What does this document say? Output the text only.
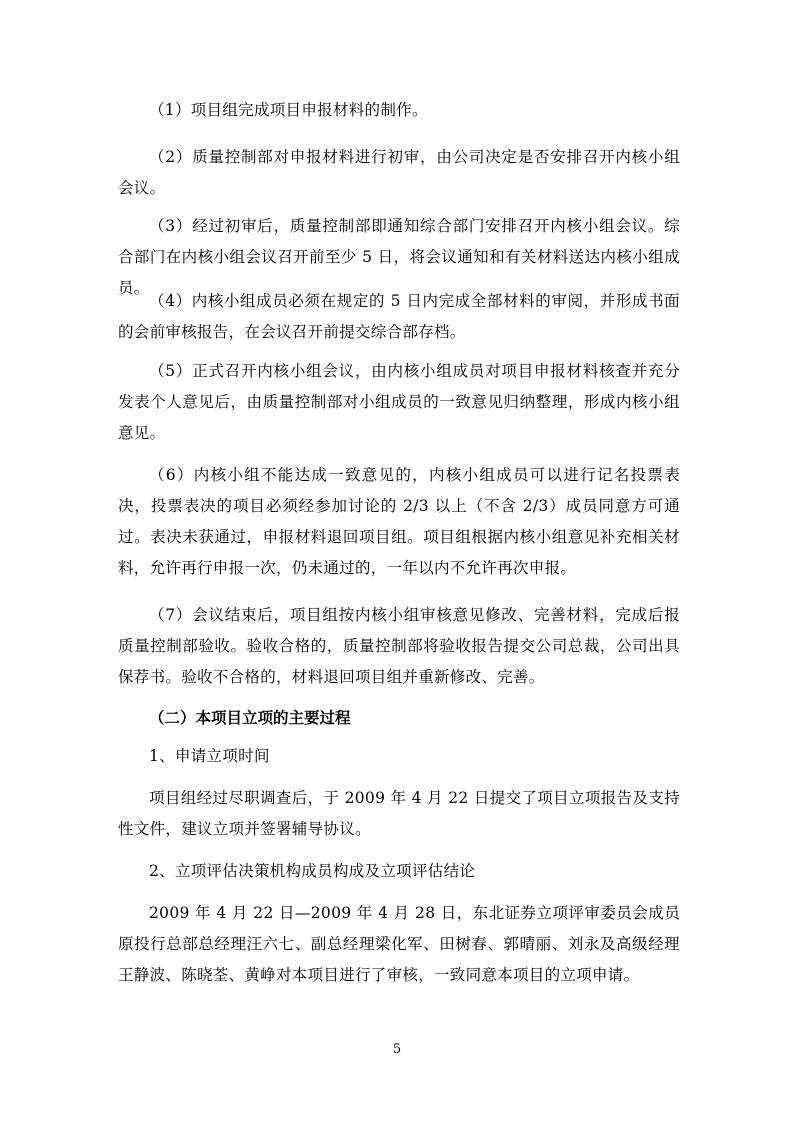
（1）项目组完成项目申报材料的制作。

（2）质量控制部对申报材料进行初审，由公司决定是否安排召开内核小组会议。

（3）经过初审后，质量控制部即通知综合部门安排召开内核小组会议。综合部门在内核小组会议召开前至少 5 日，将会议通知和有关材料送达内核小组成员。

（4）内核小组成员必须在规定的 5 日内完成全部材料的审阅，并形成书面的会前审核报告，在会议召开前提交综合部存档。

（5）正式召开内核小组会议，由内核小组成员对项目申报材料核查并充分发表个人意见后，由质量控制部对小组成员的一致意见归纳整理，形成内核小组意见。

（6）内核小组不能达成一致意见的，内核小组成员可以进行记名投票表决，投票表决的项目必须经参加讨论的 2/3 以上（不含 2/3）成员同意方可通过。表决未获通过，申报材料退回项目组。项目组根据内核小组意见补充相关材料，允许再行申报一次，仍未通过的，一年以内不允许再次申报。

（7）会议结束后，项目组按内核小组审核意见修改、完善材料，完成后报质量控制部验收。验收合格的，质量控制部将验收报告提交公司总裁，公司出具保荐书。验收不合格的，材料退回项目组并重新修改、完善。

（二）本项目立项的主要过程

1、申请立项时间

项目组经过尽职调查后，于 2009 年 4 月 22 日提交了项目立项报告及支持性文件，建议立项并签署辅导协议。

2、立项评估决策机构成员构成及立项评估结论

2009 年 4 月 22 日—2009 年 4 月 28 日，东北证券立项评审委员会成员原投行总部总经理汪六七、副总经理梁化军、田树春、郭晴丽、刘永及高级经理王静波、陈晓荃、黄峥对本项目进行了审核，一致同意本项目的立项申请。

5
